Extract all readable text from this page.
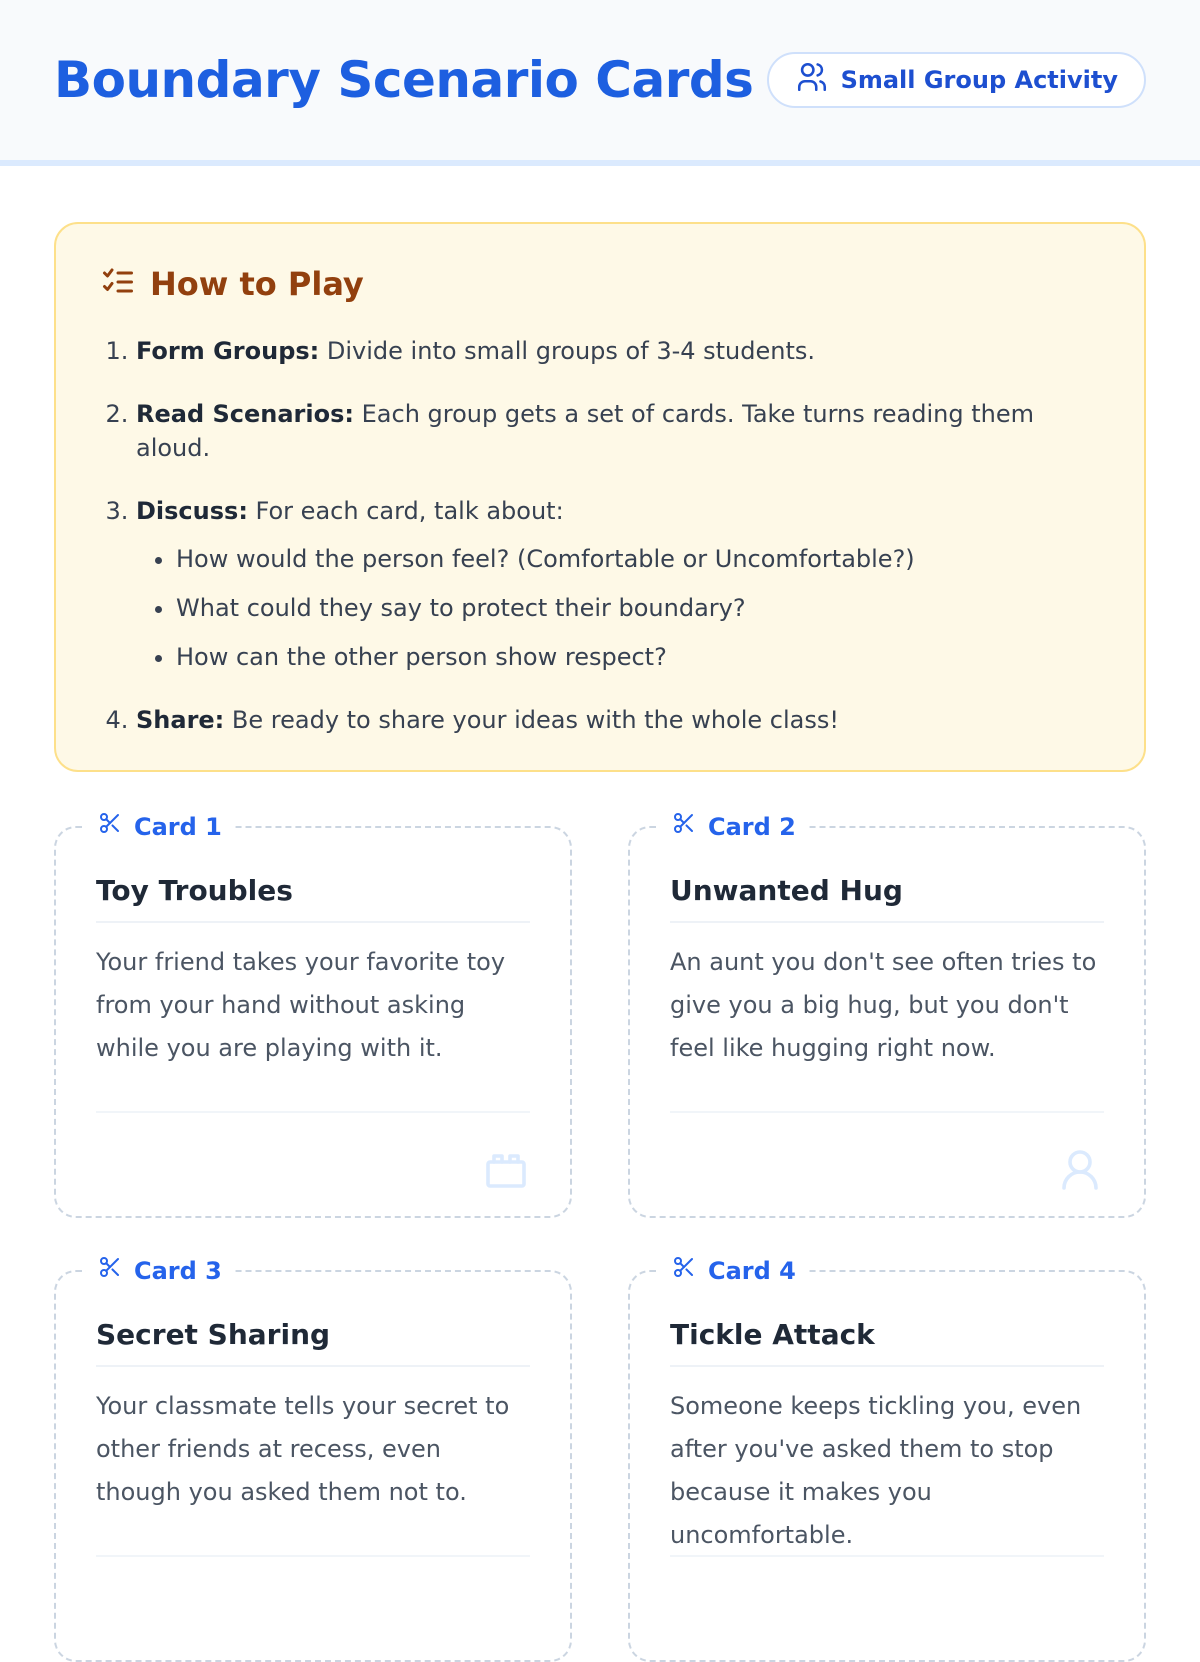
Boundary Scenario Cards	Small Group Activity
How to Play
1. Form Groups: Divide into small groups of 3-4 students.
2. Read Scenarios: Each group gets a set of cards. Take turns reading them aloud.
3. Discuss: For each card, talk about:
• How would the person feel? (Comfortable or Uncomfortable?)
• What could they say to protect their boundary?
• How can the other person show respect?
4. Share: Be ready to share your ideas with the whole class!
Card 1
Toy Troubles

Your friend takes your favorite toy from your hand without asking while you are playing with it.

Card 2
Unwanted Hug

An aunt you don't see often tries to give you a big hug, but you don't feel like hugging right now.

Card 3
Secret Sharing

Your classmate tells your secret to other friends at recess, even though you asked them not to.

Card 4
Tickle Attack

Someone keeps tickling you, even after you've asked them to stop because it makes you uncomfortable.
